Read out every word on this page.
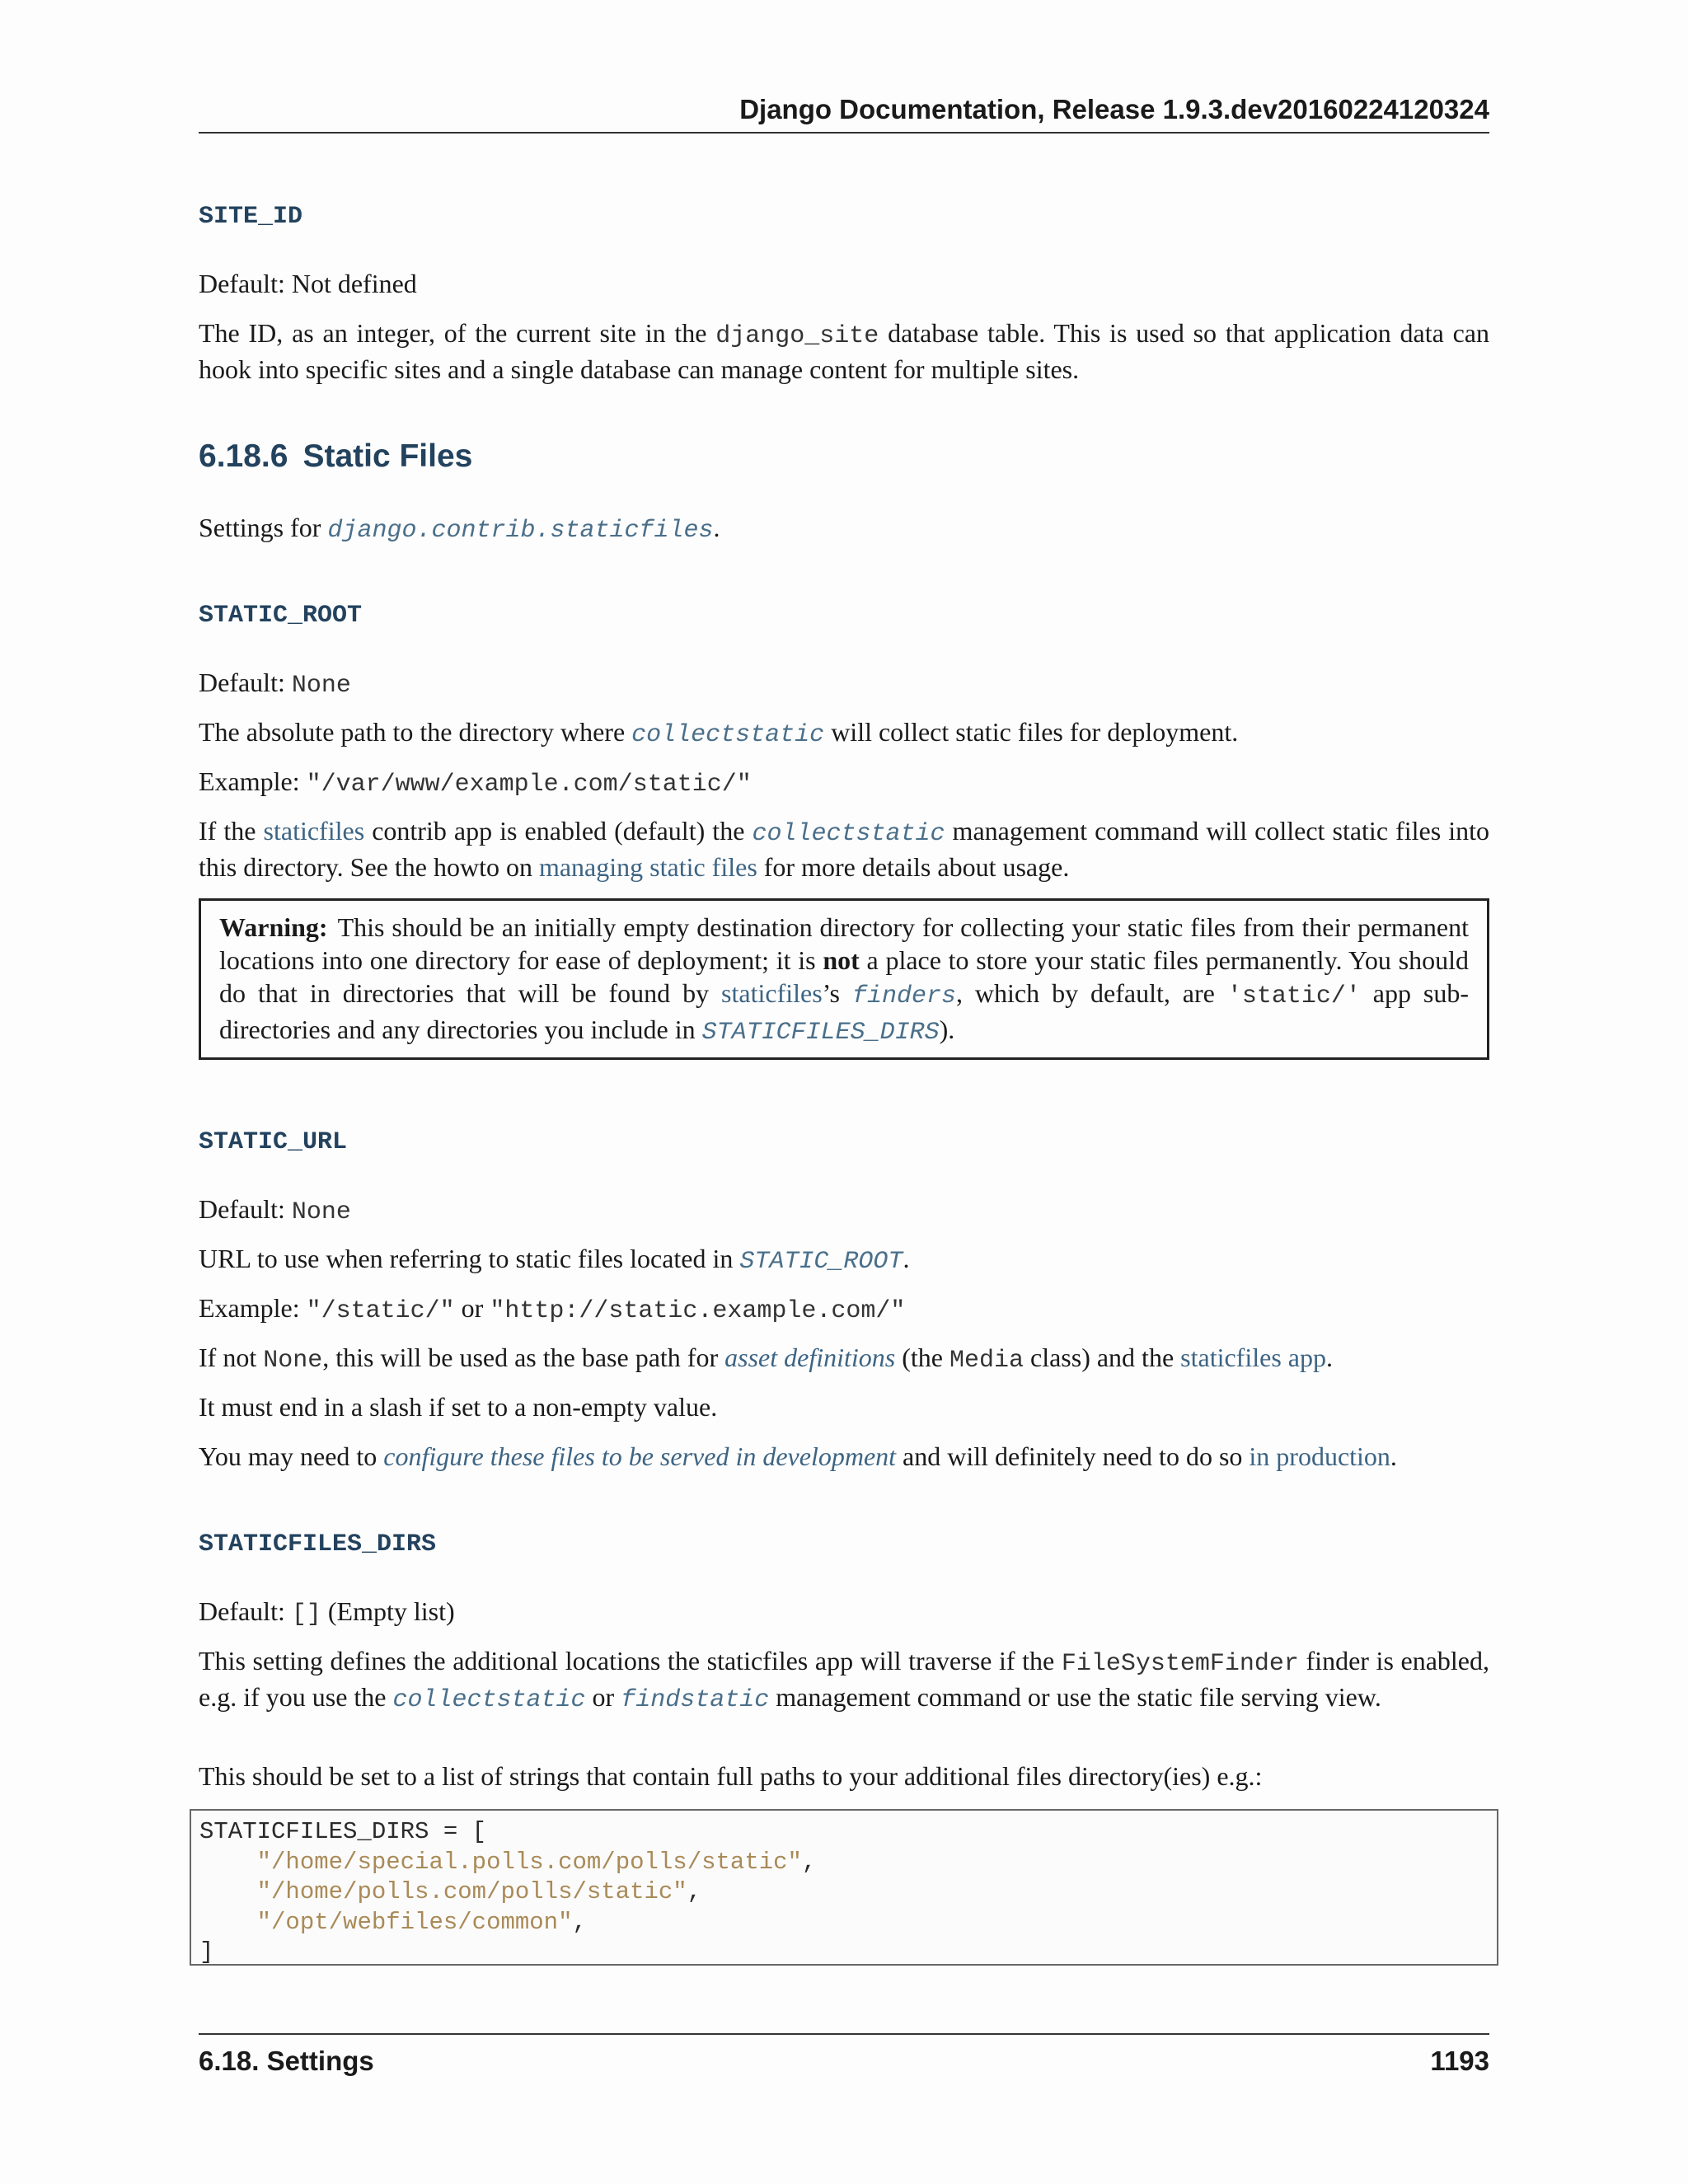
Django Documentation, Release 1.9.3.dev20160224120324
SITE_ID

Default: Not defined

The ID, as an integer, of the current site in the django_site database table. This is used so that application data can hook into specific sites and a single database can manage content for multiple sites.

6.18.6 Static Files

Settings for django.contrib.staticfiles.

STATIC_ROOT

Default: None

The absolute path to the directory where collectstatic will collect static files for deployment.

Example: "/var/www/example.com/static/"

If the staticfiles contrib app is enabled (default) the collectstatic management command will collect static files into this directory. See the howto on managing static files for more details about usage.

Warning: This should be an initially empty destination directory for collecting your static files from their permanent locations into one directory for ease of deployment; it is not a place to store your static files permanently. You should do that in directories that will be found by staticfiles’s finders, which by default, are 'static/' app sub-directories and any directories you include in STATICFILES_DIRS).
STATIC_URL

Default: None

URL to use when referring to static files located in STATIC_ROOT.

Example: "/static/" or "http://static.example.com/"

If not None, this will be used as the base path for asset definitions (the Media class) and the staticfiles app.

It must end in a slash if set to a non-empty value.

You may need to configure these files to be served in development and will definitely need to do so in production.

STATICFILES_DIRS

Default: [] (Empty list)

This setting defines the additional locations the staticfiles app will traverse if the FileSystemFinder finder is enabled, e.g. if you use the collectstatic or findstatic management command or use the static file serving view.

This should be set to a list of strings that contain full paths to your additional files directory(ies) e.g.:

STATICFILES_DIRS = [
"/home/special.polls.com/polls/static",
"/home/polls.com/polls/static",
"/opt/webfiles/common",
]
6.18. Settings	1193
